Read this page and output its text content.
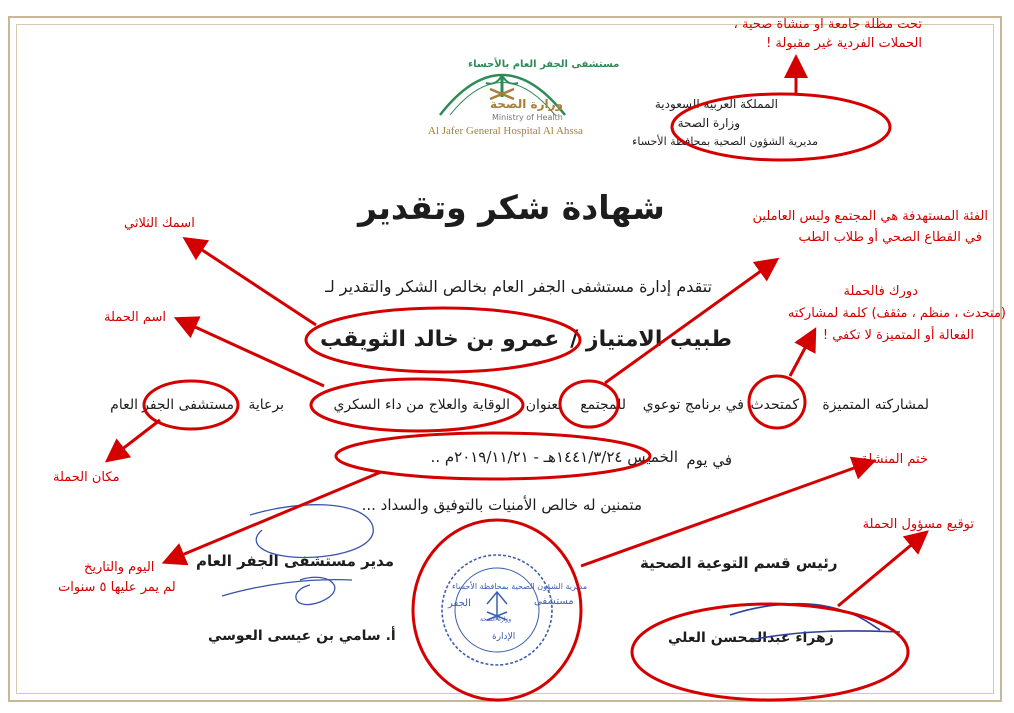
وزارة الصحة
مستشفى الجفر العام بالأحساء
Ministry of Health
Al Jafer General Hospital Al Ahssa
المملكة العربية السعودية
وزارة الصحة
مديرية الشؤون الصحية بمحافظة الأحساء
شهادة شكر وتقدير
تتقدم إدارة مستشفى الجفر العام بخالص الشكر والتقدير لـ
طبيب الامتياز /
عمرو بن خالد الثويقب
لمشاركته المتميزة
كمتحدث
في برنامج توعوي
للمجتمع
بعنوان
الوقاية والعلاج من داء السكري
برعاية
مستشفى الجفر
العام
في يوم
الخميس ١٤٤١/٣/٢٤هـ - ٢٠١٩/١١/٢١م ..
متمنين له خالص الأمنيات بالتوفيق والسداد ...
مدير مستشفى الجفر العام
أ. سامي بن عيسى العوسي
رئيس قسم التوعية الصحية
زهراء عبدالمحسن العلي
مديرية الشؤون الصحية بمحافظة الأحساء
مستشفى
الجفر
وزارة الصحة
الإدارة
تحت مظلة جامعة او منشاة صحية ،
الحملات الفردية غير مقبولة !
اسمك الثلاثي
اسم الحملة
مكان الحملة
الفئة المستهدفة هي المجتمع وليس العاملين
في القطاع الصحي أو طلاب الطب
دورك فالحملة
(متحدث ، منظم ، مثقف) كلمة لمشاركته
الفعالة أو المتميزة لا تكفي !
اليوم والتاريخ
لم يمر عليها ٥ سنوات
ختم المنشاة
توقيع مسؤول الحملة
